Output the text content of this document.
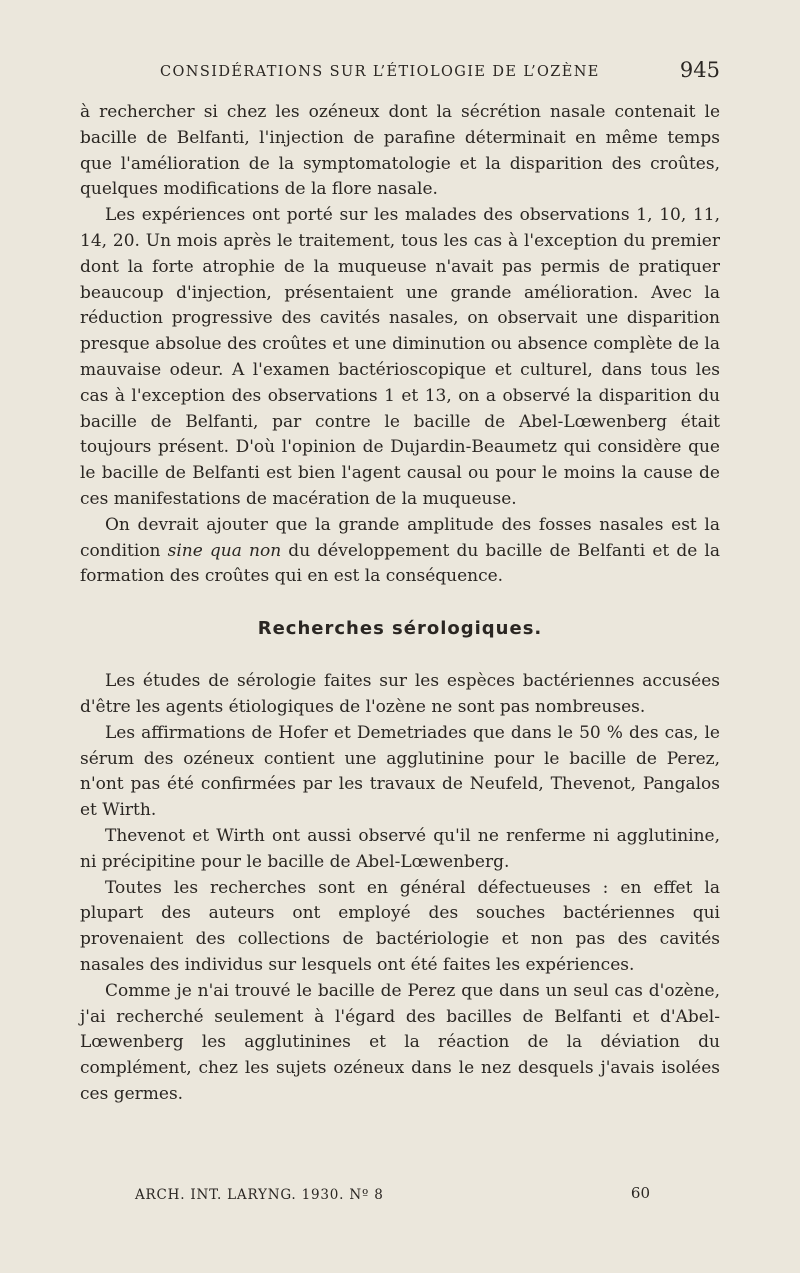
CONSIDÉRATIONS SUR L’ÉTIOLOGIE DE L’OZÈNE	945

à rechercher si chez les ozéneux dont la sécrétion nasale contenait le bacille de Belfanti, l'injection de parafine déterminait en même temps que l'amélioration de la symptomatologie et la disparition des croûtes, quelques modifications de la flore nasale.

Les expériences ont porté sur les malades des observations 1, 10, 11, 14, 20. Un mois après le traitement, tous les cas à l'exception du premier dont la forte atrophie de la muqueuse n'avait pas permis de pratiquer beaucoup d'injection, présentaient une grande amélioration. Avec la réduction progressive des cavités nasales, on observait une disparition presque absolue des croûtes et une diminution ou absence complète de la mauvaise odeur. A l'examen bactérioscopique et culturel, dans tous les cas à l'exception des observations 1 et 13, on a observé la disparition du bacille de Belfanti, par contre le bacille de Abel-Lœwenberg était toujours présent. D'où l'opinion de Dujardin-Beaumetz qui considère que le bacille de Belfanti est bien l'agent causal ou pour le moins la cause de ces manifestations de macération de la muqueuse.

On devrait ajouter que la grande amplitude des fosses nasales est la condition sine qua non du développement du bacille de Belfanti et de la formation des croûtes qui en est la conséquence.

Recherches sérologiques.

Les études de sérologie faites sur les espèces bactériennes accusées d'être les agents étiologiques de l'ozène ne sont pas nombreuses.

Les affirmations de Hofer et Demetriades que dans le 50 % des cas, le sérum des ozéneux contient une agglutinine pour le bacille de Perez, n'ont pas été confirmées par les travaux de Neufeld, Thevenot, Pangalos et Wirth.

Thevenot et Wirth ont aussi observé qu'il ne renferme ni agglutinine, ni précipitine pour le bacille de Abel-Lœwenberg.

Toutes les recherches sont en général défectueuses : en effet la plupart des auteurs ont employé des souches bactériennes qui provenaient des collections de bactériologie et non pas des cavités nasales des individus sur lesquels ont été faites les expériences.

Comme je n'ai trouvé le bacille de Perez que dans un seul cas d'ozène, j'ai recherché seulement à l'égard des bacilles de Belfanti et d'Abel-Lœwenberg les agglutinines et la réaction de la déviation du complément, chez les sujets ozéneux dans le nez desquels j'avais isolées ces germes.

ARCH. INT. LARYNG. 1930. Nº 8	60
